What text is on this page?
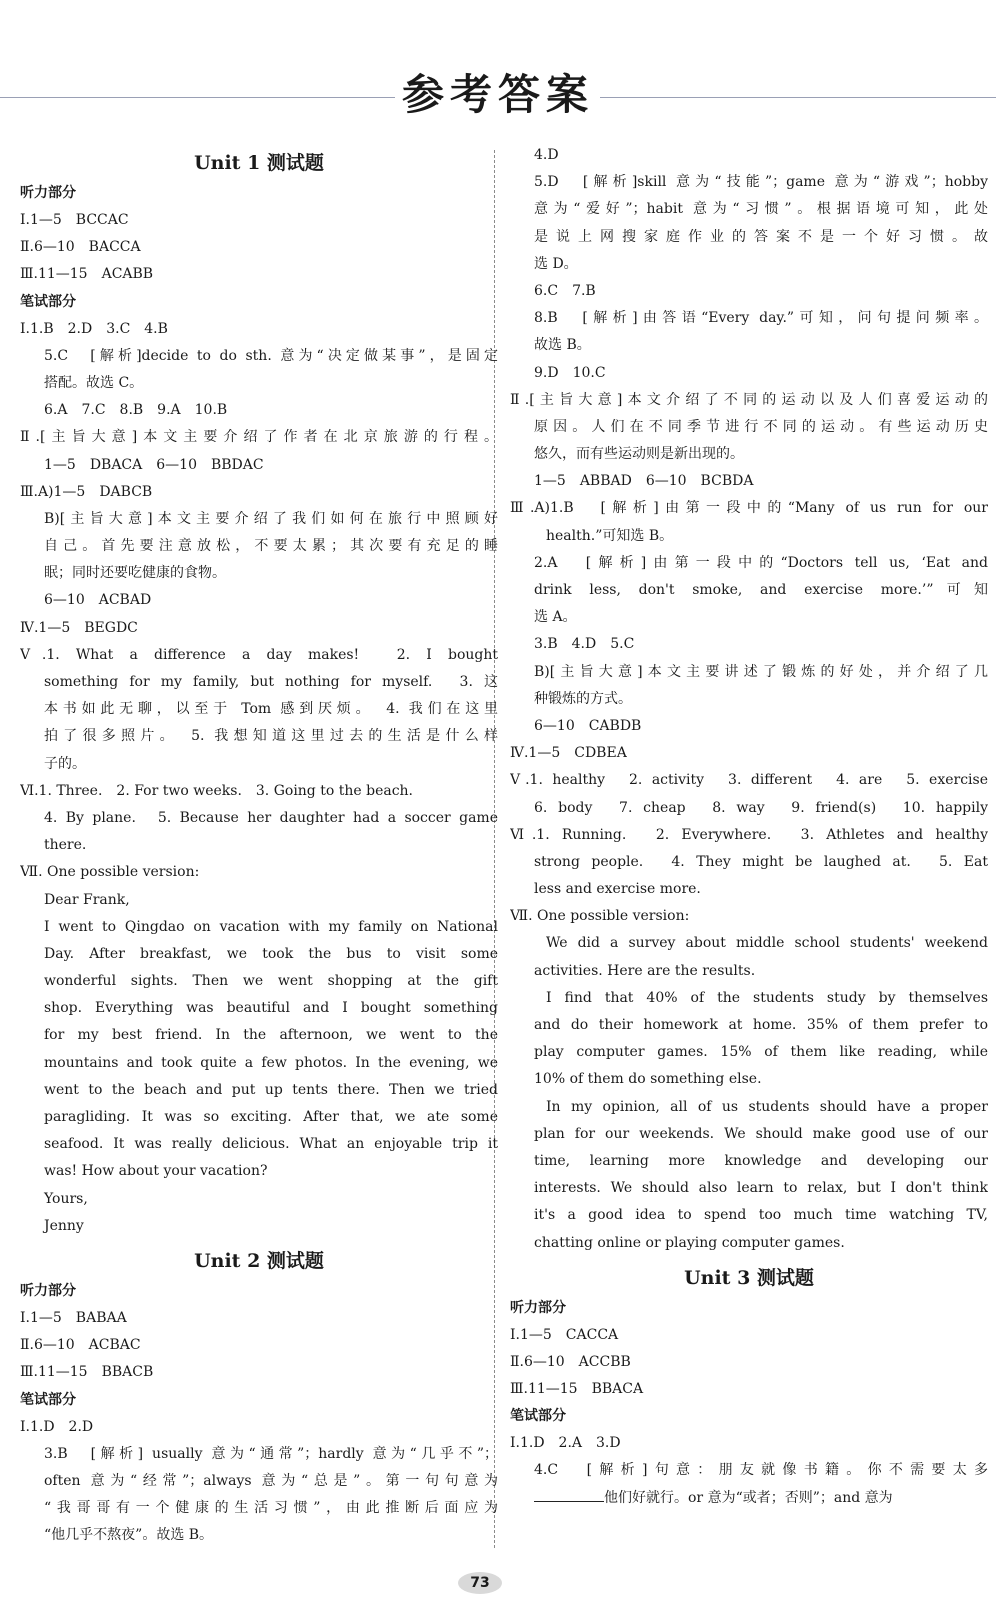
参考答案
Unit 1 测试题
听力部分
Ⅰ.1—5　BCCAC
Ⅱ.6—10　BACCA
Ⅲ.11—15　ACABB
笔试部分
Ⅰ.1.B　2.D　3.C　4.B
5.C　[解析]decide to do sth. 意为“决定做某事”，是固定
搭配。故选 C。
6.A　7.C　8.B　9.A　10.B
Ⅱ.[主旨大意]本文主要介绍了作者在北京旅游的行程。
1—5　DBACA　6—10　BBDAC
Ⅲ.A)1—5　DABCB
B)[主旨大意]本文主要介绍了我们如何在旅行中照顾好
自己。首先要注意放松，不要太累；其次要有充足的睡
眠；同时还要吃健康的食物。
6—10　ACBAD
Ⅳ.1—5　BEGDC
Ⅴ.1. What a difference a day makes!　2. I bought
something for my family, but nothing for myself.　3. 这
本书如此无聊，以至于 Tom 感到厌烦。　4. 我们在这里
拍了很多照片。　5. 我想知道这里过去的生活是什么样
子的。
Ⅵ.1. Three.　2. For two weeks.　3. Going to the beach.
4. By plane.　5. Because her daughter had a soccer game
there.
Ⅶ. One possible version:
Dear Frank,
I went to Qingdao on vacation with my family on National
Day. After breakfast, we took the bus to visit some
wonderful sights. Then we went shopping at the gift
shop. Everything was beautiful and I bought something
for my best friend. In the afternoon, we went to the
mountains and took quite a few photos. In the evening, we
went to the beach and put up tents there. Then we tried
paragliding. It was so exciting. After that, we ate some
seafood. It was really delicious. What an enjoyable trip it
was! How about your vacation?
Yours,
Jenny
Unit 2 测试题
听力部分
Ⅰ.1—5　BABAA
Ⅱ.6—10　ACBAC
Ⅲ.11—15　BBACB
笔试部分
Ⅰ.1.D　2.D
3.B　[解析] usually 意为“通常”；hardly 意为“几乎不”；
often 意为“经常”；always 意为“总是”。第一句句意为
“我哥哥有一个健康的生活习惯”，由此推断后面应为
“他几乎不熬夜”。故选 B。
4.D
5.D　[解析]skill 意为“技能”；game 意为“游戏”；hobby
意为“爱好”；habit 意为“习惯”。根据语境可知，此处
是说上网搜家庭作业的答案不是一个好习惯。故
选 D。
6.C　7.B
8.B　[解析]由答语“Every day.”可知，问句提问频率。
故选 B。
9.D　10.C
Ⅱ.[主旨大意]本文介绍了不同的运动以及人们喜爱运动的
原因。人们在不同季节进行不同的运动。有些运动历史
悠久，而有些运动则是新出现的。
1—5　ABBAD　6—10　BCBDA
Ⅲ.A)1.B　[解析]由第一段中的“Many of us run for our
health.”可知选 B。
2.A　[解析]由第一段中的“Doctors tell us, ‘Eat and
drink less, don't smoke, and exercise more.’”可知
选 A。
3.B　4.D　5.C
B)[主旨大意]本文主要讲述了锻炼的好处，并介绍了几
种锻炼的方式。
6—10　CABDB
Ⅳ.1—5　CDBEA
Ⅴ.1. healthy　2. activity　3. different　4. are　5. exercise
6. body　7. cheap　8. way　9. friend(s)　10. happily
Ⅵ.1. Running.　2. Everywhere.　3. Athletes and healthy
strong people.　4. They might be laughed at.　5. Eat
less and exercise more.
Ⅶ. One possible version:
We did a survey about middle school students' weekend
activities. Here are the results.
I find that 40% of the students study by themselves
and do their homework at home. 35% of them prefer to
play computer games. 15% of them like reading, while
10% of them do something else.
In my opinion, all of us students should have a proper
plan for our weekends. We should make good use of our
time, learning more knowledge and developing our
interests. We should also learn to relax, but I don't think
it's a good idea to spend too much time watching TV,
chatting online or playing computer games.
Unit 3 测试题
听力部分
Ⅰ.1—5　CACCA
Ⅱ.6—10　ACCBB
Ⅲ.11—15　BBACA
笔试部分
Ⅰ.1.D　2.A　3.D
4.C　[解析]句意：朋友就像书籍。你不需要太多
他们好就行。or 意为“或者；否则”；and 意为
73
